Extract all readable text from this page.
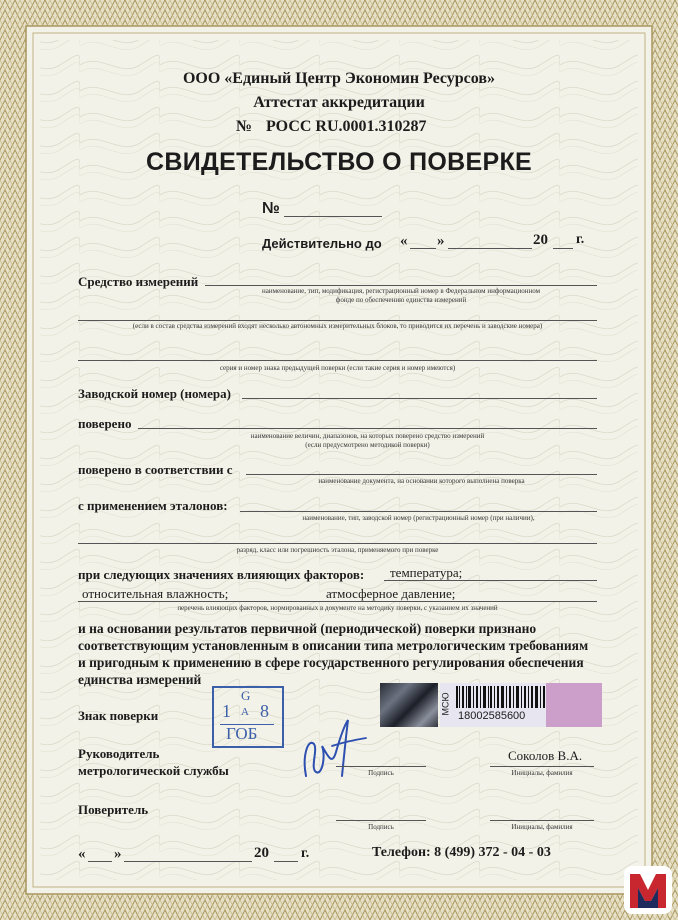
ООО «Единый Центр Экономин Ресурсов»
Аттестат аккредитации
№ РОСС RU.0001.310287
СВИДЕТЕЛЬСТВО О ПОВЕРКЕ
№
Действительно до « »	20 г.
Средство измерений
наименование, тип, модификация, регистрационный номер в Федеральном информационном
фонде по обеспечению единства измерений
(если в состав средства измерений входят несколько автономных измерительных блоков, то приводится их перечень и заводские номера)
серия и номер знака предыдущей поверки (если такие серия и номер имеются)
Заводской номер (номера)
поверено
наименование величин, диапазонов, на которых поверено средство измерений
(если предусмотрено методикой поверки)
поверено в соответствии с
наименование документа, на основании которого выполнена поверка
с применением эталонов:
наименование, тип, заводской номер (регистрационный номер (при наличии),
разряд, класс или погрешность эталона, применяемого при поверке
при следующих значениях влияющих факторов: температура;
относительная влажность;	атмосферное давление;
перечень влияющих факторов, нормированных в документе на методику поверки, с указанием их значений
и на основании результатов первичной (периодической) поверки признано
соответствующим установленным в описании типа метрологическим требованиям
и пригодным к применению в сфере государственного регулирования обеспечения
единства измерений
Знак поверки
G
1 А 8
ГОБ
МСЮ
18002585600
Руководитель
метрологической службы	Подпись
Соколов В.А.
Инициалы, фамилия
Поверитель
Подпись	Инициалы, фамилия
« »	20 г.	Телефон: 8 (499) 372 - 04 - 03
